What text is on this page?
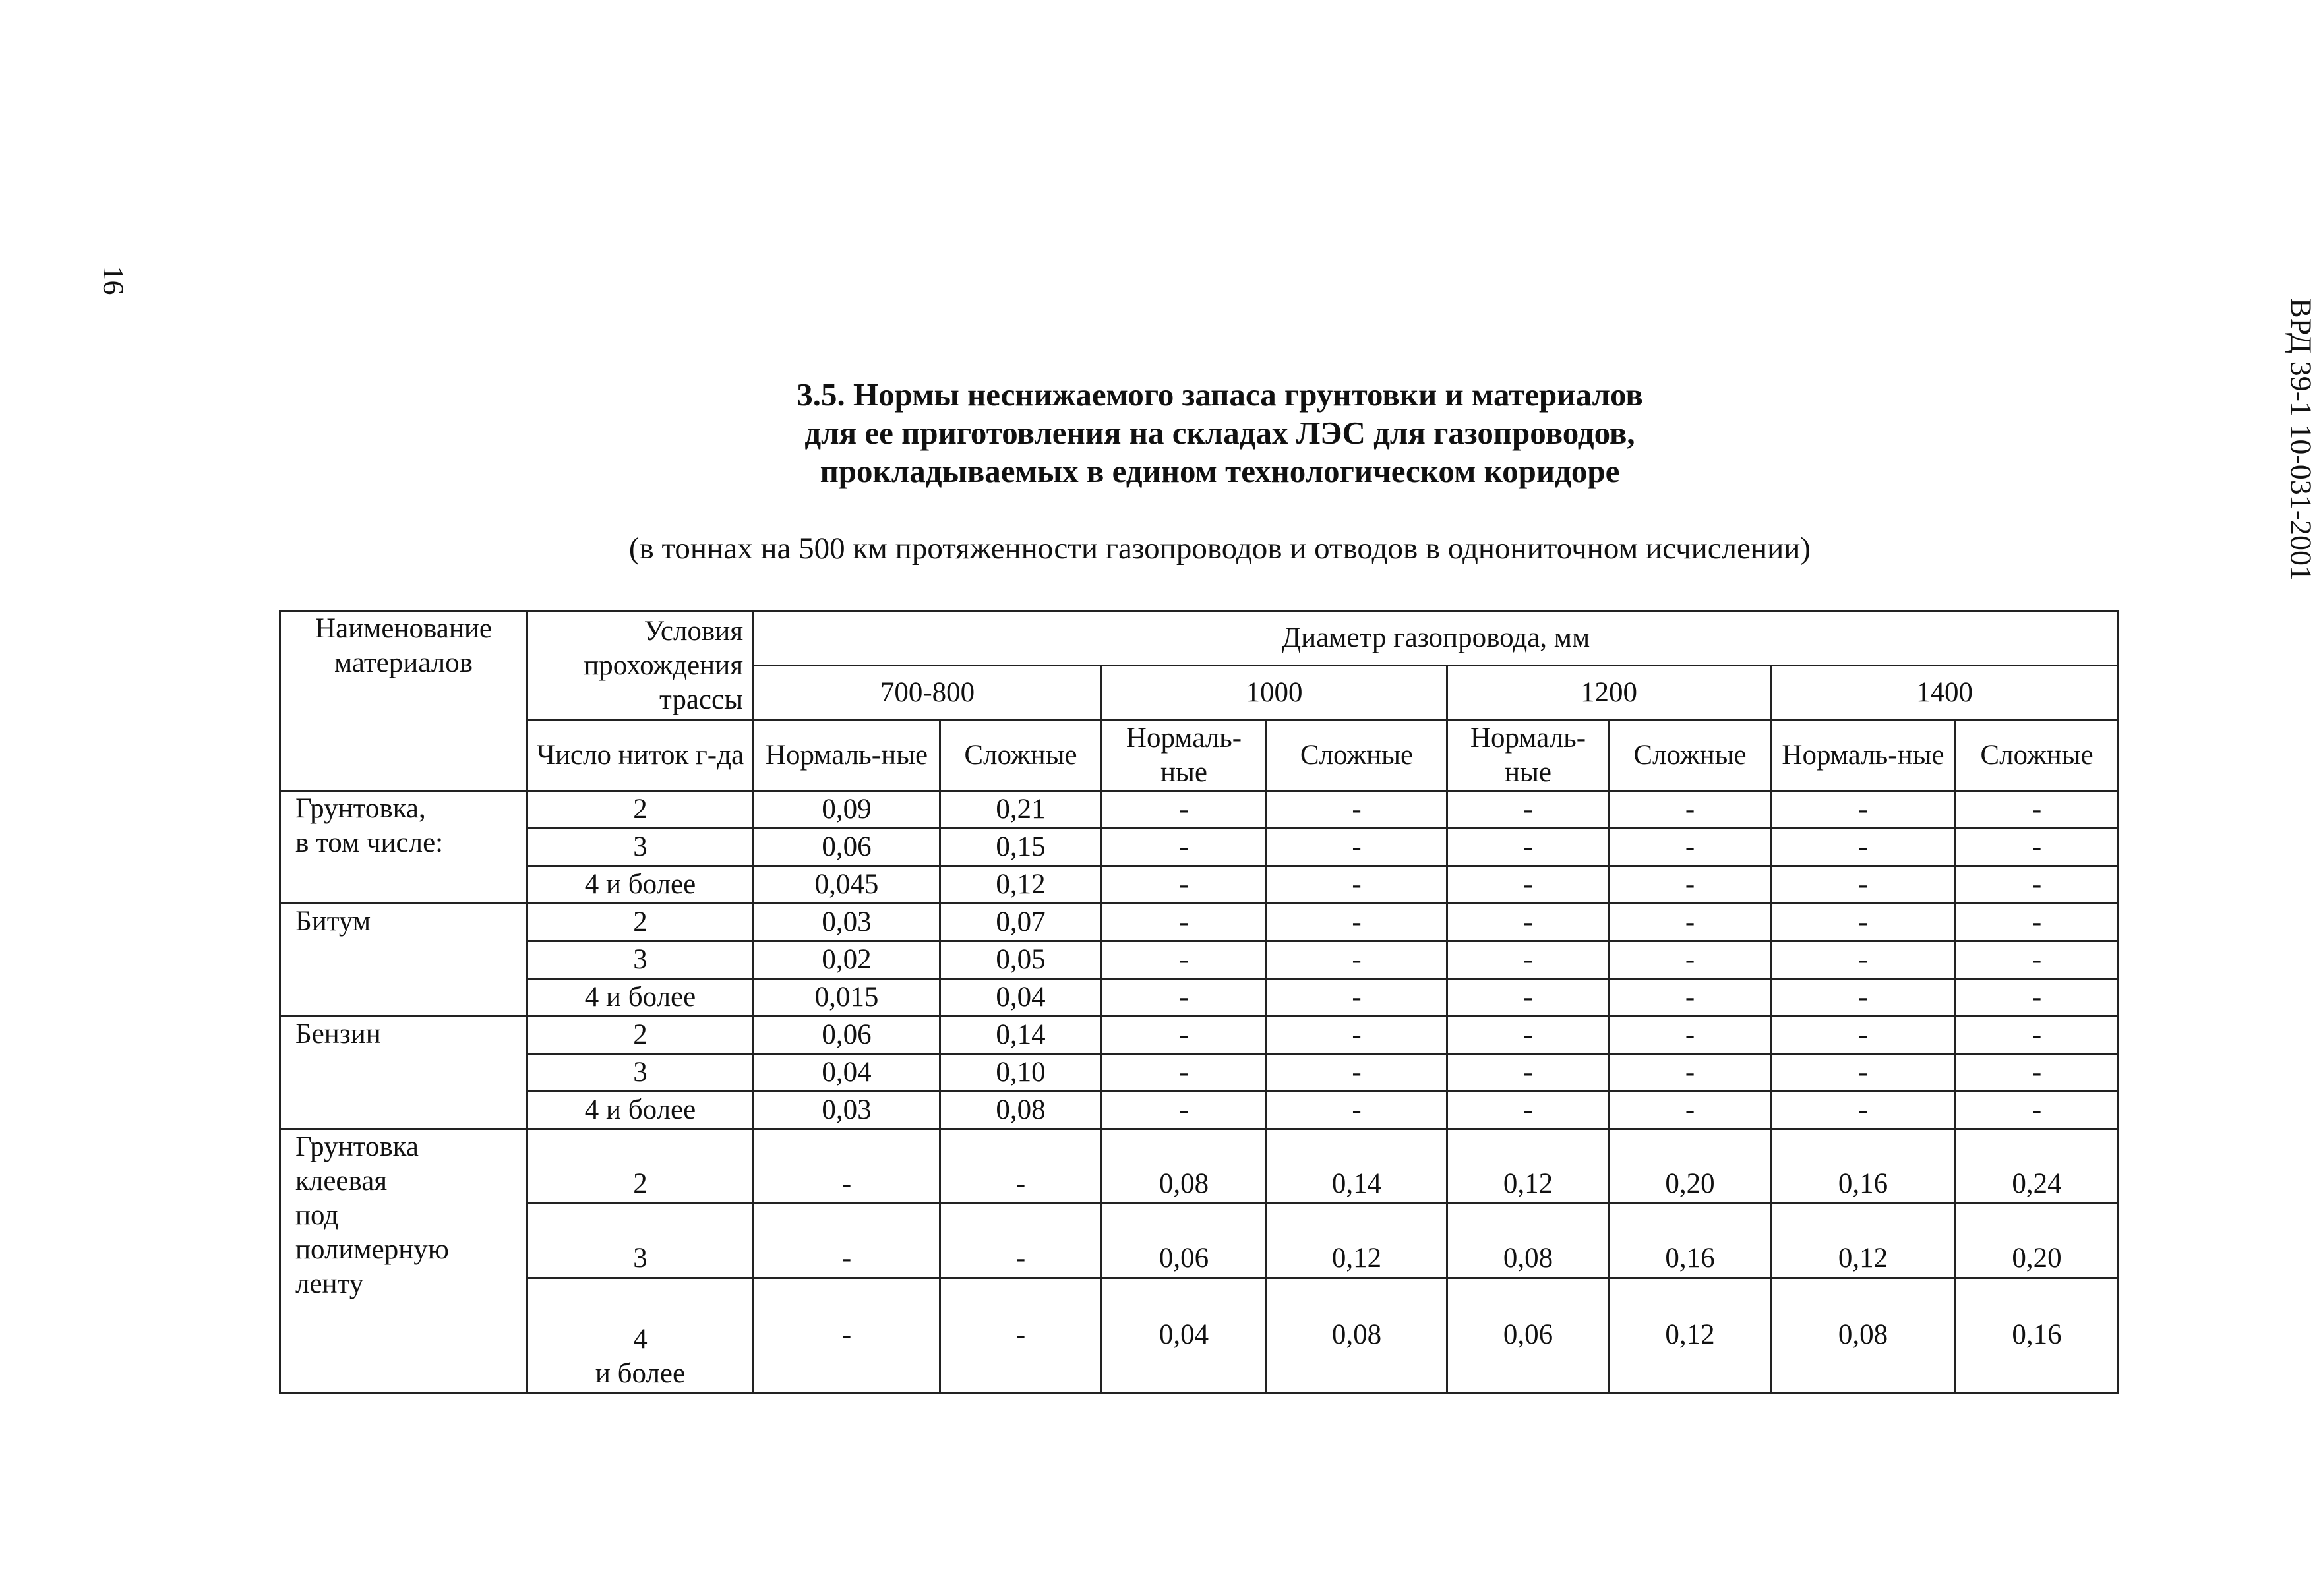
16
ВРД 39-1 10-031-2001
3.5. Нормы неснижаемого запаса грунтовки и материалов
для ее приготовления на складах ЛЭС для газопроводов,
прокладываемых в едином технологическом коридоре
(в тоннах на 500 км протяженности газопроводов и отводов в однониточном исчислении)
Наименование материалов	Условия прохождения трассы	Диаметр газопровода, мм							
		700-800		1000		1200		1400	
	Число ниток г-да	Нормаль-ные	Сложные	Нормаль-ные	Сложные	Нормаль-ные	Сложные	Нормаль-ные	Сложные
Грунтовка,
в том числе:	2	0,09	0,21	-	-	-	-	-	-
	3	0,06	0,15	-	-	-	-	-	-
	4 и более	0,045	0,12	-	-	-	-	-	-
Битум	2	0,03	0,07	-	-	-	-	-	-
	3	0,02	0,05	-	-	-	-	-	-
	4 и более	0,015	0,04	-	-	-	-	-	-
Бензин	2	0,06	0,14	-	-	-	-	-	-
	3	0,04	0,10	-	-	-	-	-	-
	4 и более	0,03	0,08	-	-	-	-	-	-
Грунтовка
клеевая
под
полимерную
ленту	2	-	-	0,08	0,14	0,12	0,20	0,16	0,24
	3	-	-	0,06	0,12	0,08	0,16	0,12	0,20
	4
и более	-	-	0,04	0,08	0,06	0,12	0,08	0,16
